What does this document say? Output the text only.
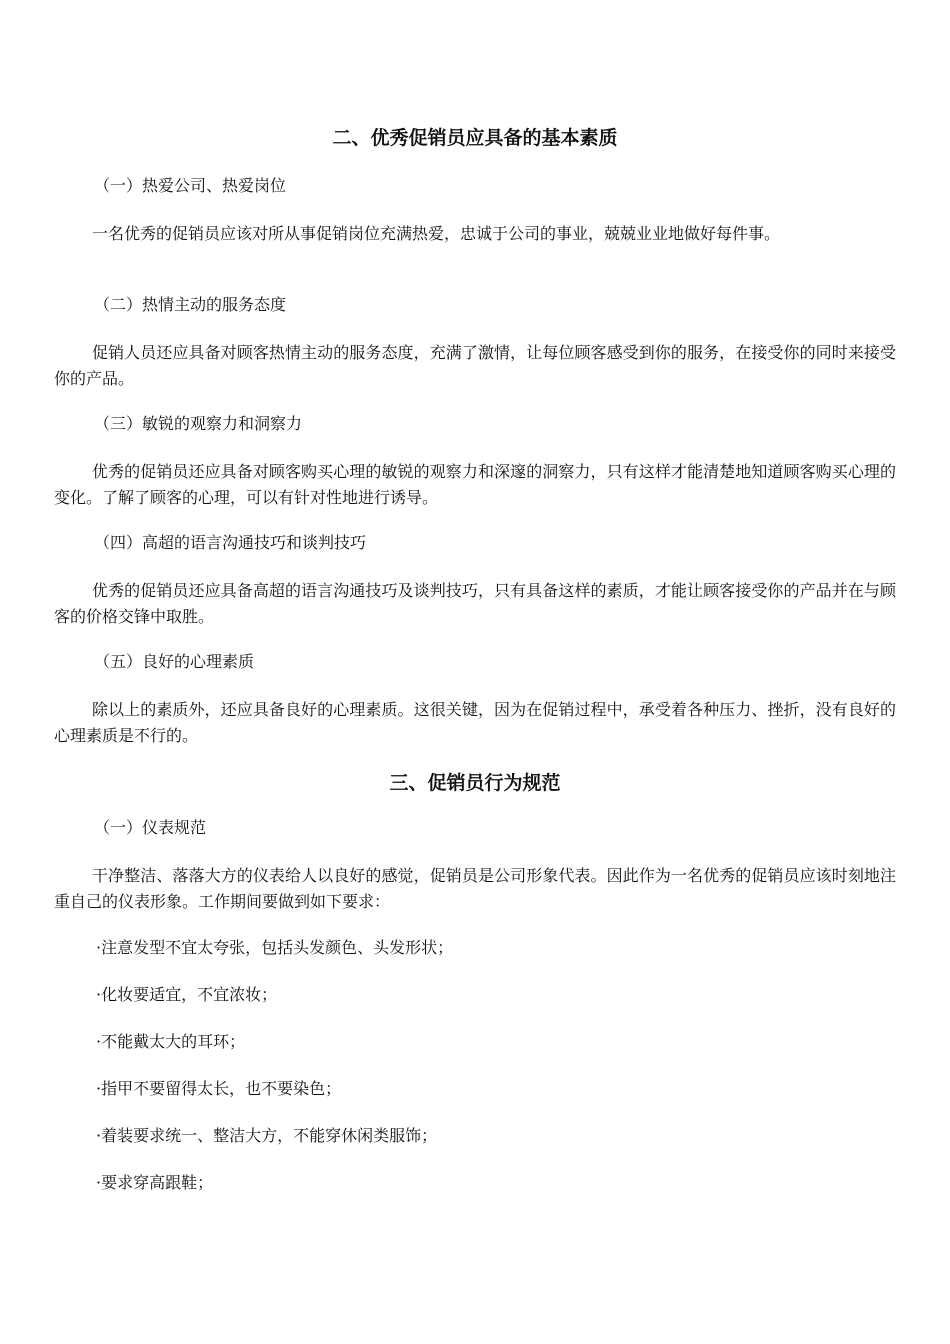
二、优秀促销员应具备的基本素质

（一）热爱公司、热爱岗位

一名优秀的促销员应该对所从事促销岗位充满热爱，忠诚于公司的事业，兢兢业业地做好每件事。

（二）热情主动的服务态度

促销人员还应具备对顾客热情主动的服务态度，充满了激情，让每位顾客感受到你的服务，在接受你的同时来接受你的产品。

（三）敏锐的观察力和洞察力

优秀的促销员还应具备对顾客购买心理的敏锐的观察力和深邃的洞察力，只有这样才能清楚地知道顾客购买心理的变化。了解了顾客的心理，可以有针对性地进行诱导。

（四）高超的语言沟通技巧和谈判技巧

优秀的促销员还应具备高超的语言沟通技巧及谈判技巧，只有具备这样的素质，才能让顾客接受你的产品并在与顾客的价格交锋中取胜。

（五）良好的心理素质

除以上的素质外，还应具备良好的心理素质。这很关键，因为在促销过程中，承受着各种压力、挫折，没有良好的心理素质是不行的。

三、促销员行为规范

（一）仪表规范

干净整洁、落落大方的仪表给人以良好的感觉，促销员是公司形象代表。因此作为一名优秀的促销员应该时刻地注重自己的仪表形象。工作期间要做到如下要求：

·注意发型不宜太夸张，包括头发颜色、头发形状；

·化妆要适宜，不宜浓妆；

·不能戴太大的耳环；

·指甲不要留得太长，也不要染色；

·着装要求统一、整洁大方，不能穿休闲类服饰；

·要求穿高跟鞋；
